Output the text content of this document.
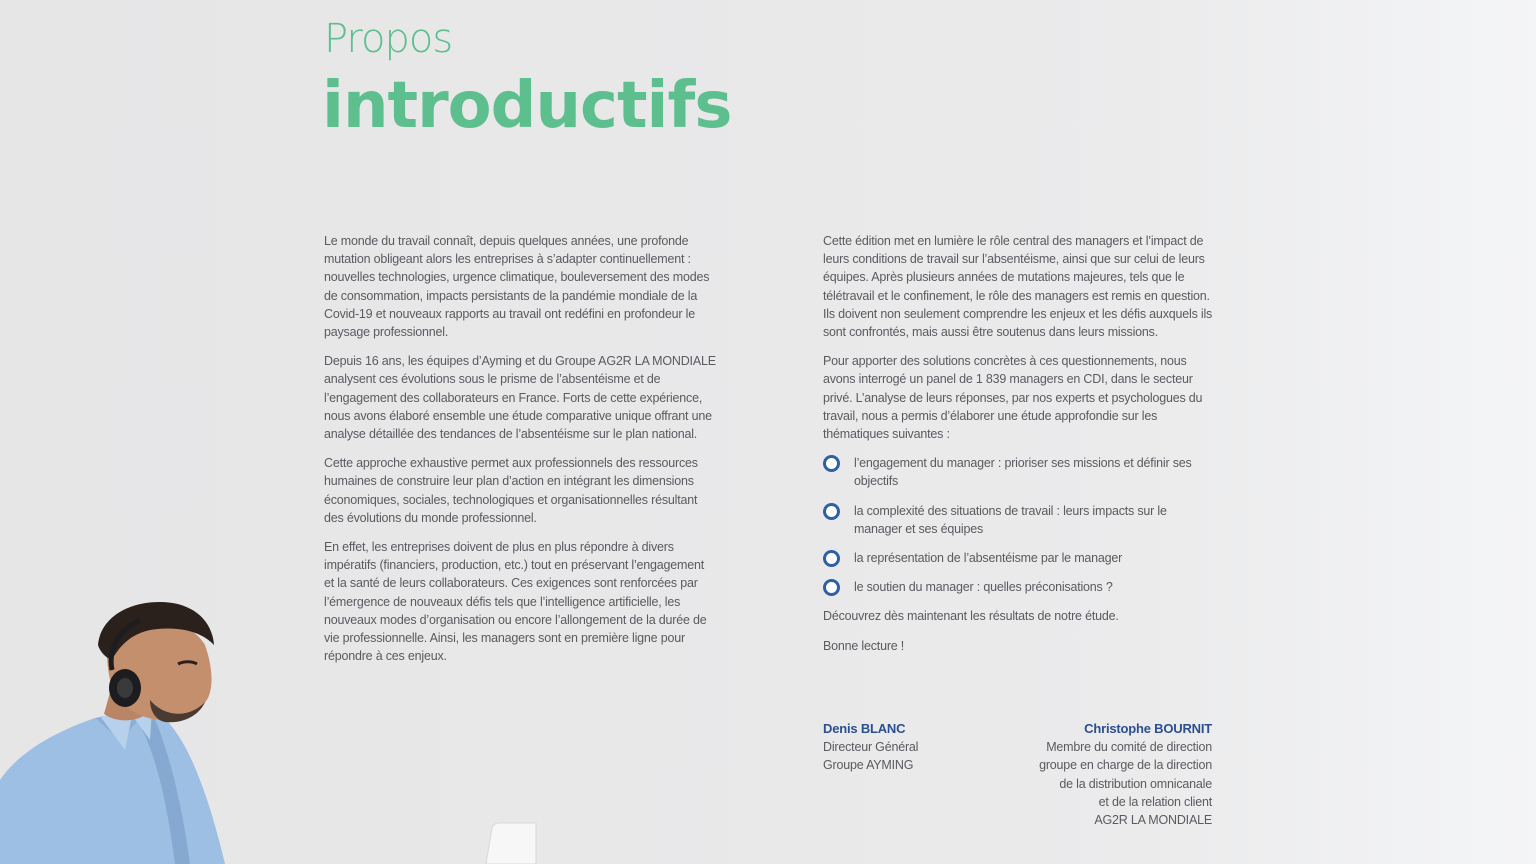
Propos
introductifs

Le monde du travail connaît, depuis quelques années, une profonde mutation obligeant alors les entreprises à s’adapter continuellement : nouvelles technologies, urgence climatique, bouleversement des modes de consommation, impacts persistants de la pandémie mondiale de la Covid-19 et nouveaux rapports au travail ont redéfini en profondeur le paysage professionnel.

Depuis 16 ans, les équipes d’Ayming et du Groupe AG2R LA MONDIALE analysent ces évolutions sous le prisme de l’absentéisme et de l’engagement des collaborateurs en France. Forts de cette expérience, nous avons élaboré ensemble une étude comparative unique offrant une analyse détaillée des tendances de l’absentéisme sur le plan national.

Cette approche exhaustive permet aux professionnels des ressources humaines de construire leur plan d’action en intégrant les dimensions économiques, sociales, technologiques et organisationnelles résultant des évolutions du monde professionnel.

En effet, les entreprises doivent de plus en plus répondre à divers impératifs (financiers, production, etc.) tout en préservant l’engagement et la santé de leurs collaborateurs. Ces exigences sont renforcées par l’émergence de nouveaux défis tels que l’intelligence artificielle, les nouveaux modes d’organisation ou encore l’allongement de la durée de vie professionnelle. Ainsi, les managers sont en première ligne pour répondre à ces enjeux.

Cette édition met en lumière le rôle central des managers et l’impact de leurs conditions de travail sur l’absentéisme, ainsi que sur celui de leurs équipes. Après plusieurs années de mutations majeures, tels que le télétravail et le confinement, le rôle des managers est remis en question. Ils doivent non seulement comprendre les enjeux et les défis auxquels ils sont confrontés, mais aussi être soutenus dans leurs missions.

Pour apporter des solutions concrètes à ces questionnements, nous avons interrogé un panel de 1 839 managers en CDI, dans le secteur privé. L’analyse de leurs réponses, par nos experts et psychologues du travail, nous a permis d’élaborer une étude approfondie sur les thématiques suivantes :

l’engagement du manager : prioriser ses missions et définir ses objectifs
la complexité des situations de travail : leurs impacts sur le manager et ses équipes
la représentation de l’absentéisme par le manager
le soutien du manager : quelles préconisations ?

Découvrez dès maintenant les résultats de notre étude.

Bonne lecture !

Denis BLANC
Directeur Général
Groupe AYMING
Christophe BOURNIT
Membre du comité de direction
groupe en charge de la direction
de la distribution omnicanale
et de la relation client
AG2R LA MONDIALE
